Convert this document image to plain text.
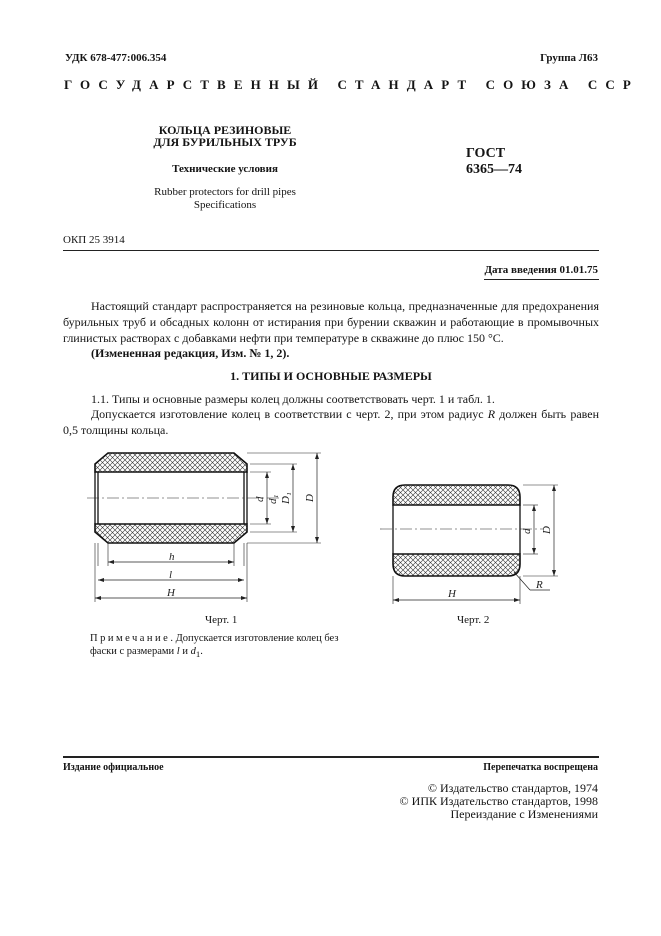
УДК 678-477:006.354	Группа Л63
ГОСУДАРСТВЕННЫЙ СТАНДАРТ СОЮЗА ССР
КОЛЬЦА РЕЗИНОВЫЕ
ДЛЯ БУРИЛЬНЫХ ТРУБ
Технические условия
Rubber protectors for drill pipes
Specifications
ГОСТ
6365—74
ОКП 25 3914
Дата введения 01.01.75
Настоящий стандарт распространяется на резиновые кольца, предназначенные для предохранения бурильных труб и обсадных колонн от истирания при бурении скважин и работающие в промывочных глинистых растворах с добавками нефти при температуре в скважине до плюс 150 °С.
(Измененная редакция, Изм. № 1, 2).
1. ТИПЫ И ОСНОВНЫЕ РАЗМЕРЫ
1.1. Типы и основные размеры колец должны соответствовать черт. 1 и табл. 1.
Допускается изготовление колец в соответствии с черт. 2, при этом радиус R должен быть равен 0,5 толщины кольца.
h
l
H
d d₁ D₁ D
Черт. 1
H
d D
R
Черт. 2
Примечание. Допускается изготовление колец без фаски с размерами l и $d_1$.
Издание официальное	Перепечатка воспрещена
© Издательство стандартов, 1974
© ИПК Издательство стандартов, 1998
Переиздание с Изменениями
